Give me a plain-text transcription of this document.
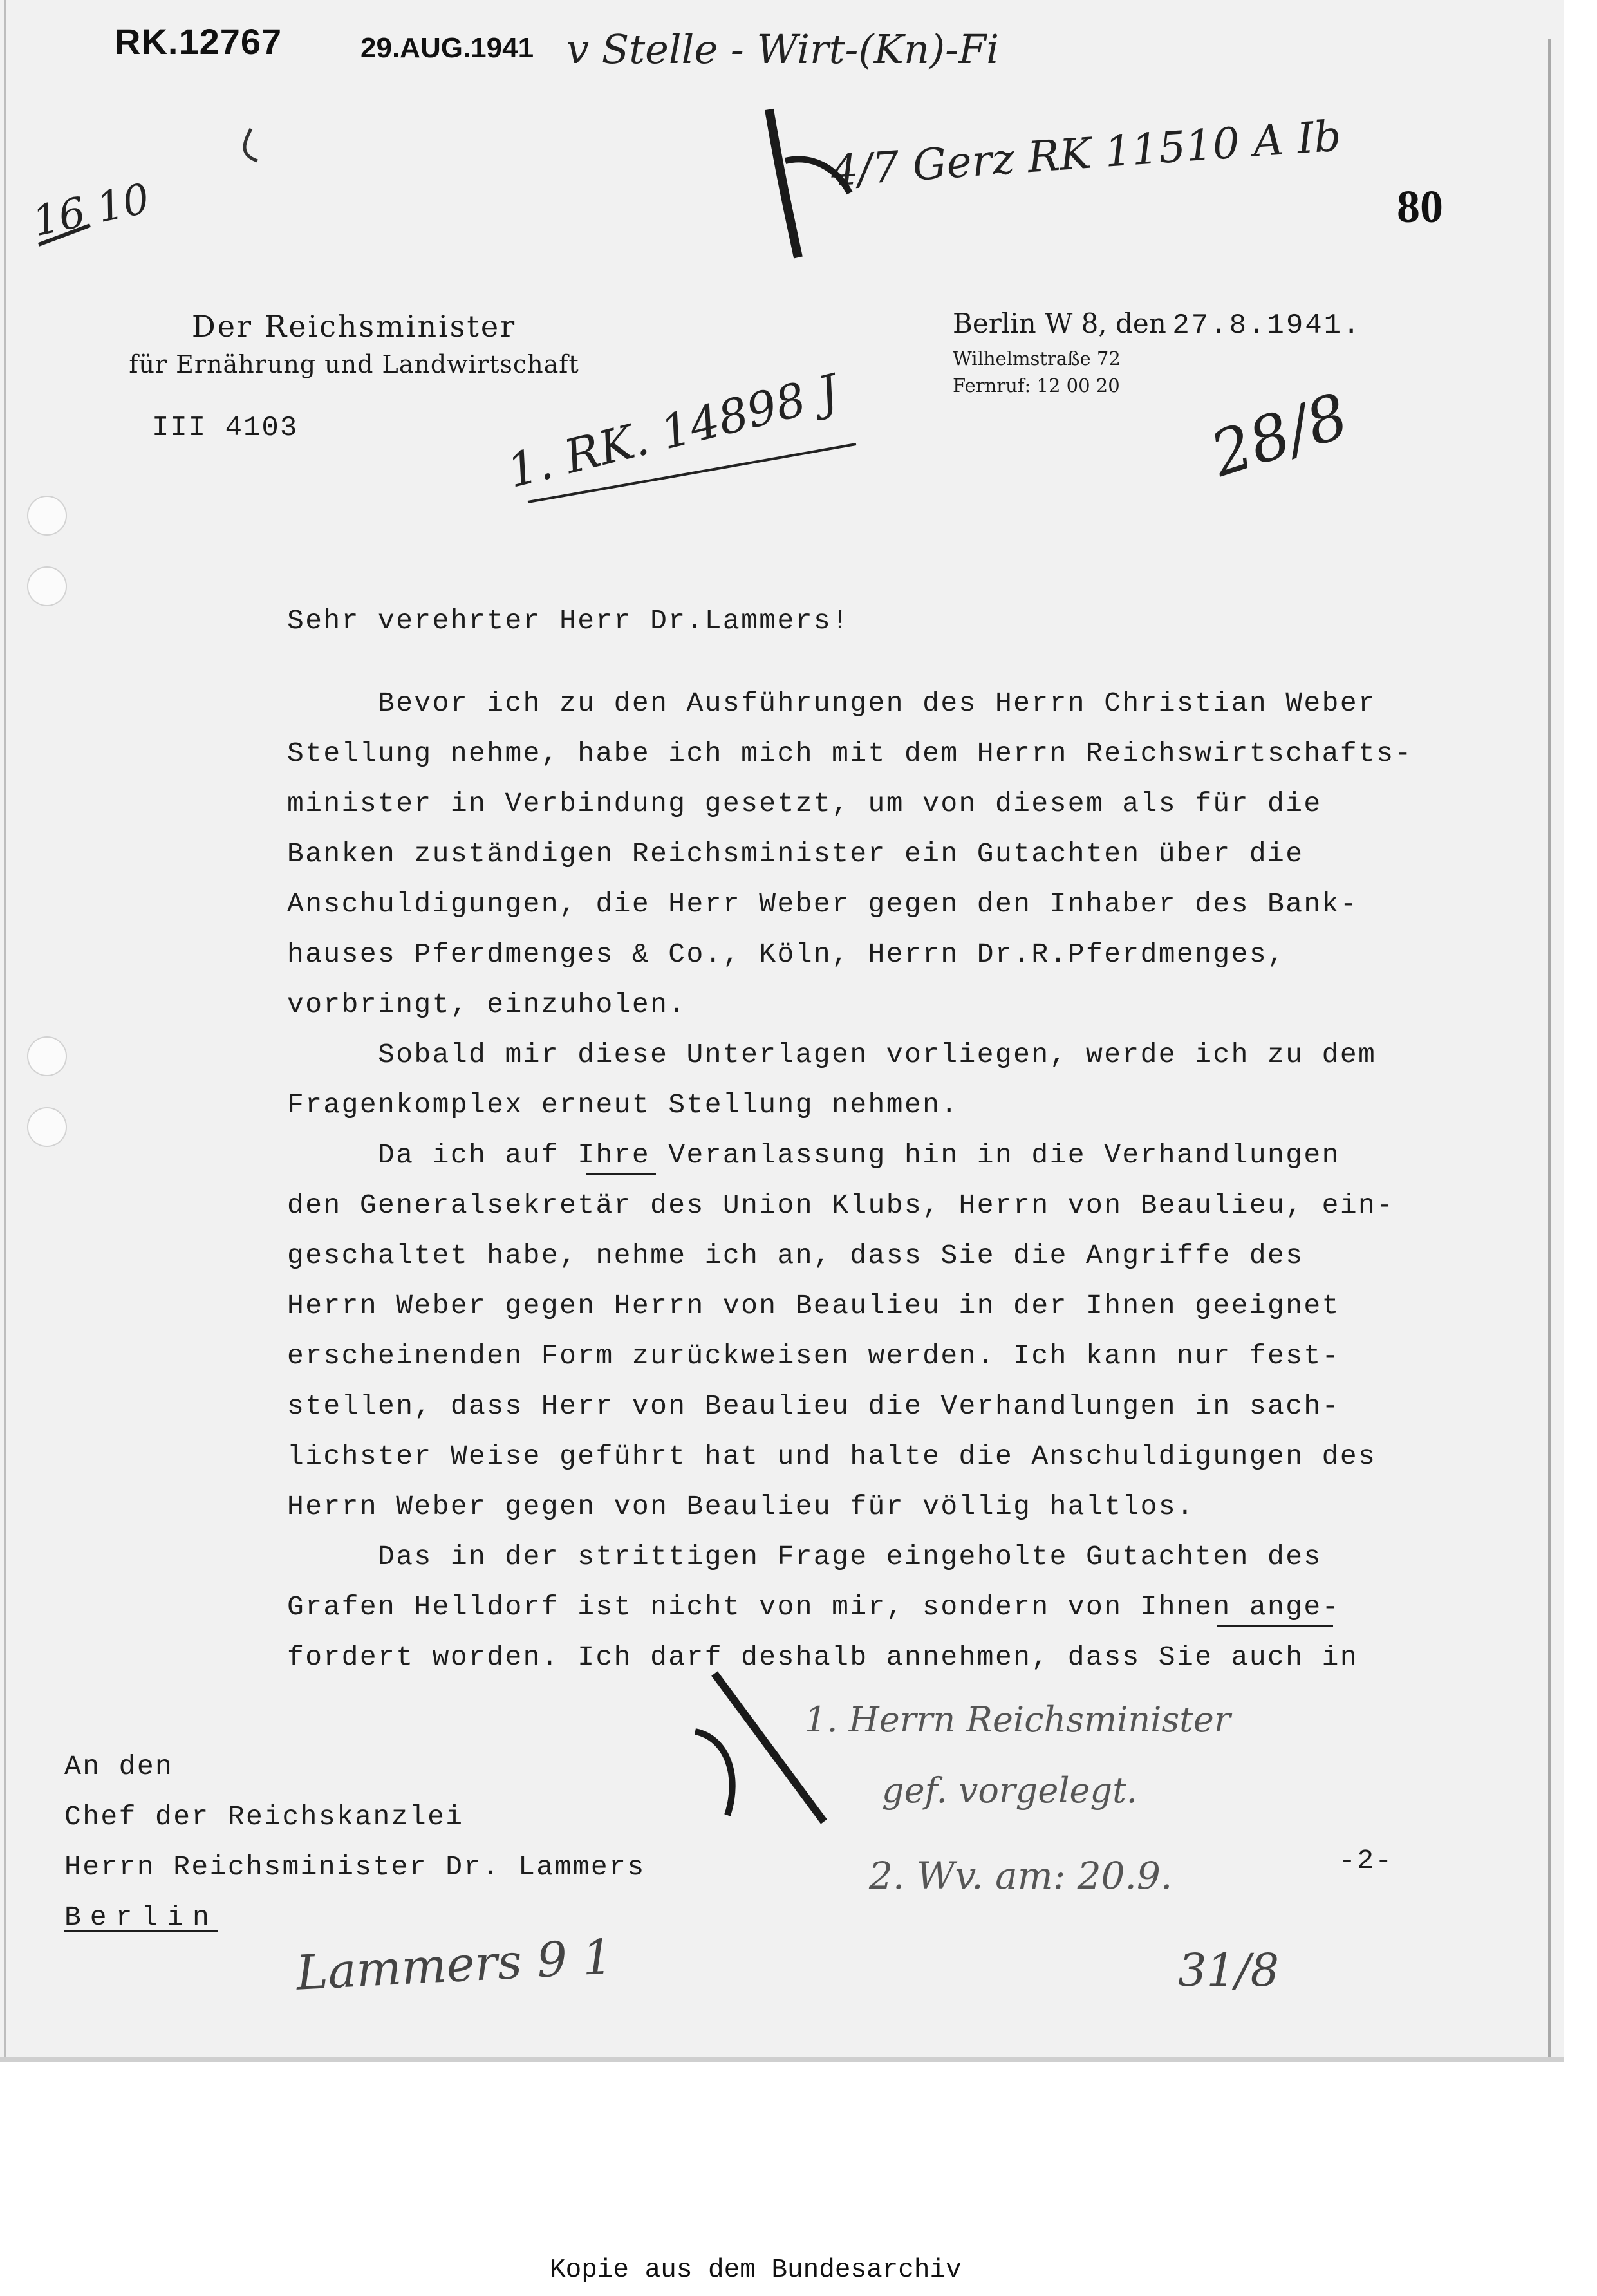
RK.12767	29.AUG.1941
80
v Stelle - Wirt-(Kn)-Fi
4/7 Gerz RK 11510 A Ib
16 10
1. RK. 14898 J	28/8
1. Herrn Reichsminister
gef. vorgelegt.
2. Wv. am: 20.9.
31/8
Lammers 9 1
Der Reichsminister
für Ernährung und Landwirtschaft
III 4103
Berlin W 8, den 27.8.1941.
Wilhelmstraße 72
Fernruf: 12 00 20
Sehr verehrter Herr Dr.Lammers!
Bevor ich zu den Ausführungen des Herrn Christian Weber
Stellung nehme, habe ich mich mit dem Herrn Reichswirtschafts-
minister in Verbindung gesetzt, um von diesem als für die
Banken zuständigen Reichsminister ein Gutachten über die
Anschuldigungen, die Herr Weber gegen den Inhaber des Bank-
hauses Pferdmenges & Co., Köln, Herrn Dr.R.Pferdmenges,
vorbringt, einzuholen.
Sobald mir diese Unterlagen vorliegen, werde ich zu dem
Fragenkomplex erneut Stellung nehmen.
Da ich auf Ihre Veranlassung hin in die Verhandlungen
den Generalsekretär des Union Klubs, Herrn von Beaulieu, ein-
geschaltet habe, nehme ich an, dass Sie die Angriffe des
Herrn Weber gegen Herrn von Beaulieu in der Ihnen geeignet
erscheinenden Form zurückweisen werden. Ich kann nur fest-
stellen, dass Herr von Beaulieu die Verhandlungen in sach-
lichster Weise geführt hat und halte die Anschuldigungen des
Herrn Weber gegen von Beaulieu für völlig haltlos.
Das in der strittigen Frage eingeholte Gutachten des
Grafen Helldorf ist nicht von mir, sondern von Ihnen ange-
fordert worden. Ich darf deshalb annehmen, dass Sie auch in
An den
Chef der Reichskanzlei
Herrn Reichsminister Dr. Lammers
Berlin
-2-
Kopie aus dem Bundesarchiv
